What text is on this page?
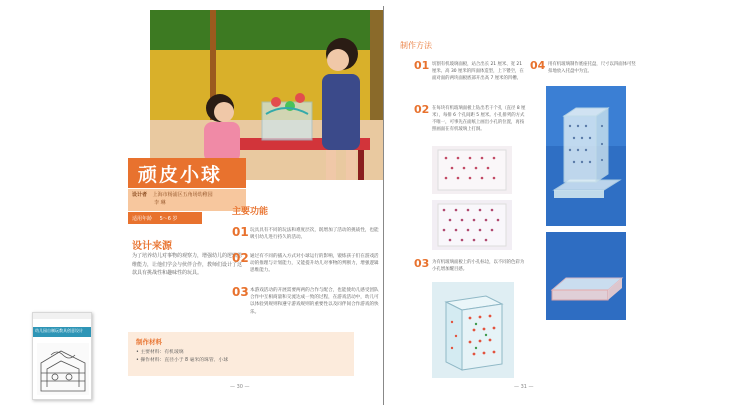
幼儿园自制玩教具创意设计
顽皮小球
设计者 上海市杨浦区五角场幼稚园
李 琳
适用年龄 5～6 岁
设计来源
为了培养幼儿对事物的观察力，增强幼儿的逻辑思维能力，让他们学会与伙伴合作，教师们设计了这款具有挑战性和趣味性的玩具。
主要功能
01 玩具具有不同的玩法和难度层次，既增加了活动的挑战性，也能吸引幼儿进行持久的活动。
02 通过有不同的插入方式对小球运行的影响，锻炼孩子们在游戏活动的推理与计划能力，又能提升幼儿对事物的判断力，增强逻辑思维能力。
03 本游戏活动的开展需要两两的合作与配合，也能使幼儿感受团队合作中互相商量和交流达成一致的过程，在游戏活动中，幼儿可以体验到规则和遵守游戏规则的重要性以及同伴间合作游戏的快乐。
制作材料
• 主要材料：有机玻璃
• 操作材料：直径小于 8 毫米的珠管、小球
— 30 —
制作方法
01 切割有机玻璃面板，站合出长 21 厘米、宽 21 厘米、高 30 厘米的四面体造型，上下镂空，在面对面的两块面板底部开出高 7 厘米的凹槽。
02 在每块有机玻璃面板上钻出若干个孔（直径 8 厘米），每排 6 个孔间距 5 厘米。小孔排列的方式不唯一，可事先在面纸上画出小孔的位置，再按照画面在有机玻璃上打洞。
03 为有机玻璃面板上的小孔标边，以不同的色彩为小孔增加醒目感。
04 用有机玻璃制作底座托盘，尺寸以四面体可竖扣地放入托盘中为宜。
— 31 —
